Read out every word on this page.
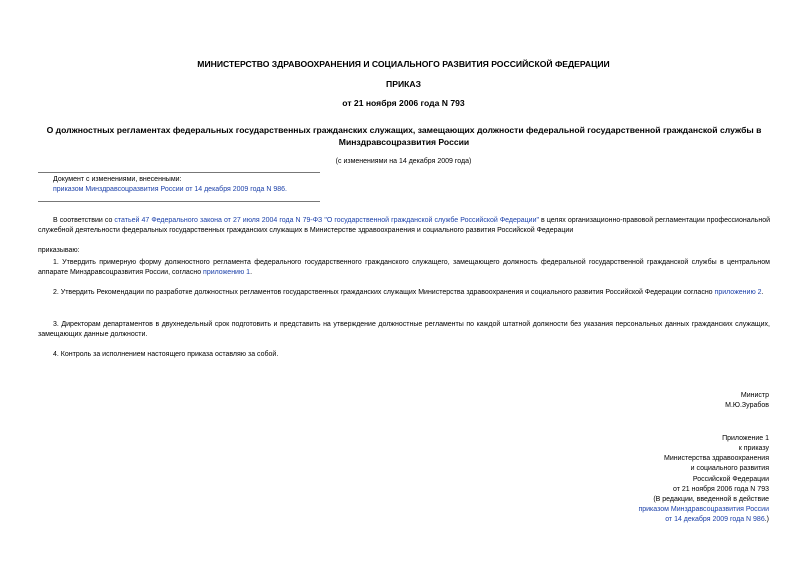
МИНИСТЕРСТВО ЗДРАВООХРАНЕНИЯ И СОЦИАЛЬНОГО РАЗВИТИЯ РОССИЙСКОЙ ФЕДЕРАЦИИ
ПРИКАЗ
от 21 ноября 2006 года N 793
О должностных регламентах федеральных государственных гражданских служащих, замещающих должности федеральной государственной гражданской службы в Минздравсоцразвития России
(с изменениями на 14 декабря 2009 года)
Документ с изменениями, внесенными:
приказом Минздравсоцразвития России от 14 декабря 2009 года N 986.
В соответствии со статьей 47 Федерального закона от 27 июля 2004 года N 79-ФЗ "О государственной гражданской службе Российской Федерации" в целях организационно-правовой регламентации профессиональной служебной деятельности федеральных государственных гражданских служащих в Министерстве здравоохранения и социального развития Российской Федерации
приказываю:
1. Утвердить примерную форму должностного регламента федерального государственного гражданского служащего, замещающего должность федеральной государственной гражданской службы в центральном аппарате Минздравсоцразвития России, согласно приложению 1.
2. Утвердить Рекомендации по разработке должностных регламентов государственных гражданских служащих Министерства здравоохранения и социального развития Российской Федерации согласно приложению 2.
3. Директорам департаментов в двухнедельный срок подготовить и представить на утверждение должностные регламенты по каждой штатной должности без указания персональных данных гражданских служащих, замещающих данные должности.
4. Контроль за исполнением настоящего приказа оставляю за собой.
Министр
М.Ю.Зурабов
Приложение 1
к приказу
Министерства здравоохранения
и социального развития
Российской Федерации
от 21 ноября 2006 года N 793
(В редакции, введенной в действие
приказом Минздравсоцразвития России
от 14 декабря 2009 года N 986.)
